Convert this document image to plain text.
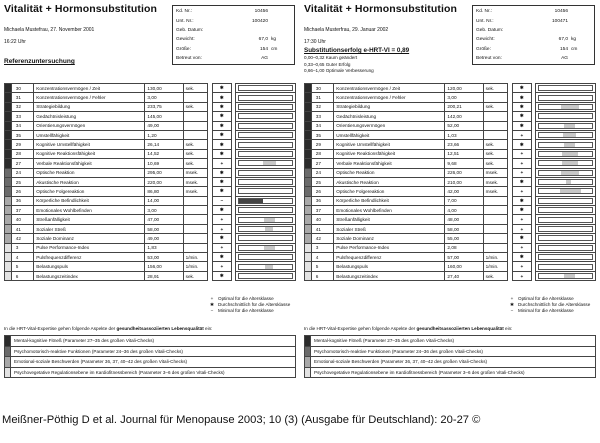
Vitalität + Hormonsubstitution
Michaela Mustefrau, 27. November 2001
16:22 Uhr
Referenzuntersuchung
Kd. Nr.:	10456
Unt. Nr.:	100420
Geb. Datum:
Gewicht:	67,0 kg
Größe:	154 cm
Betreut von:	AG
	30	Konzentrationsvermögen / Zeit	130,00	sek.		✱		

	31	Konzentrationsvermögen / Fehler	3,00			✱		

	32	Strategiebildung	233,75	sek.		✱		

	33	Gedächtnisleistung	145,00			✱		

	34	Orientierungsvermögen	49,00			✱		

	35	Umstellfähigkeit	1,20			✱		

	29	Kognitive Umstellfähigkeit	26,14	sek.		✱		

	28	Kognitive Reaktionsfähigkeit	14,52	sek.		✱		

	27	Verbale Reaktionsfähigkeit	10,69	sek.		+		

	24	Optische Reaktion	295,00	msek.		✱		

	25	Akustische Reaktion	220,00	msek.		✱		

	26	Optische Folgereaktion	86,80	msek.		✱		

	36	Körperliche Befindlichkeit	14,00			−		

	37	Emotionales Wohlbefinden	3,00			✱		

	40	Streßanfälligkeit	47,00			+		

	41	Sozialer Streß	58,00			+		

	42	Soziale Dominanz	49,00			✱		

	3	Pulse Performance-Index	1,83			+		

	4	Pulsfrequenzdifferenz	53,00	1/min.		✱		

	5	Belastungspuls	156,00	1/min.		+		

	6	Belastungszeitindex	28,91	sek.		✱		
+	Optimal für die Altersklasse
✱ Durchschnittlich für die Altersklasse
−	Minimal für die Altersklasse
In die HRT-Vital-Expertise gehen folgende Aspekte der gesundheitsassoziierten Lebensqualität ein:
	Mental-kognitive Fitneß (Parameter 27–35 des großen Vitali-Checks)
	Psychomotorisch-reaktive Funktionen (Parameter 24–36 des großen Vitali-Checks)
	Emotional-soziale Beschwerden (Parameter 36, 37, 40–42 des großen Vitali-Checks)
	Psychovegetative Regulationsebene im Kardiofitnessbereich (Parameter 3–6 des großen Vitali-Checks)
Vitalität + Hormonsubstitution
Michaela Musterfrau, 29. Januar 2002
17:30 Uhr
Substitutionserfolg e-HRT-VI = 0,89
0,00–0,32 Kaum geändert
0,33–0,65 Guter Erfolg
0,66–1,00 Optimale Verbesserung
Kd. Nr.:	10456
Unt. Nr.:	100471
Geb. Datum:
Gewicht:	67,0 kg
Größe:	154 cm
Betreut von:	AG
	30	Konzentrationsvermögen / Zeit	120,00	sek.		✱		

	31	Konzentrationsvermögen / Fehler	3,00			✱		

	32	Strategiebildung	200,21	sek.		✱		

	33	Gedächtnisleistung	142,00			✱		

	34	Orientierungsvermögen	52,00			✱		

	35	Umstellfähigkeit	1,03			+		

	29	Kognitive Umstellfähigkeit	23,66	sek.		✱		

	28	Kognitive Reaktionsfähigkeit	12,51	sek.		+		

	27	Verbale Reaktionsfähigkeit	9,68	sek.		+		

	24	Optische Reaktion	226,00	msek.		+		

	25	Akustische Reaktion	210,00	msek.		✱		

	26	Optische Folgereaktion	42,00	msek.		+		

	36	Körperliche Befindlichkeit	7,00			✱		

	37	Emotionales Wohlbefinden	4,00			✱		

	40	Streßanfälligkeit	48,00			+		

	41	Sozialer Streß	58,00			+		

	42	Soziale Dominanz	55,00			✱		

	3	Pulse Performance-Index	2,08			+		

	4	Pulsfrequenzdifferenz	57,00	1/min.		✱		

	5	Belastungspuls	160,00	1/min.		+		

	6	Belastungszeitindex	27,40	sek.		+		
+	Optimal für die Altersklasse
✱ Durchschnittlich für die Altersklasse
−	Minimal für die Altersklasse
In die HRT-Vital-Expertise gehen folgende Aspekte der gesundheitsassoziierten Lebensqualität ein:
	Mental-kognitive Fitneß (Parameter 27–35 des großen Vitali-Checks)
	Psychomotorisch-reaktive Funktionen (Parameter 24–36 des großen Vitali-Checks)
	Emotional-soziale Beschwerden (Parameter 36, 37, 40–42 des großen Vitali-Checks)
	Psychovegetative Regulationsebene im Kardiofitnessbereich (Parameter 3–6 des großen Vitali-Checks)
Meißner-Pöthig D et al. Journal für Menopause 2003; 10 (3) (Ausgabe für Deutschland): 20-27 ©
